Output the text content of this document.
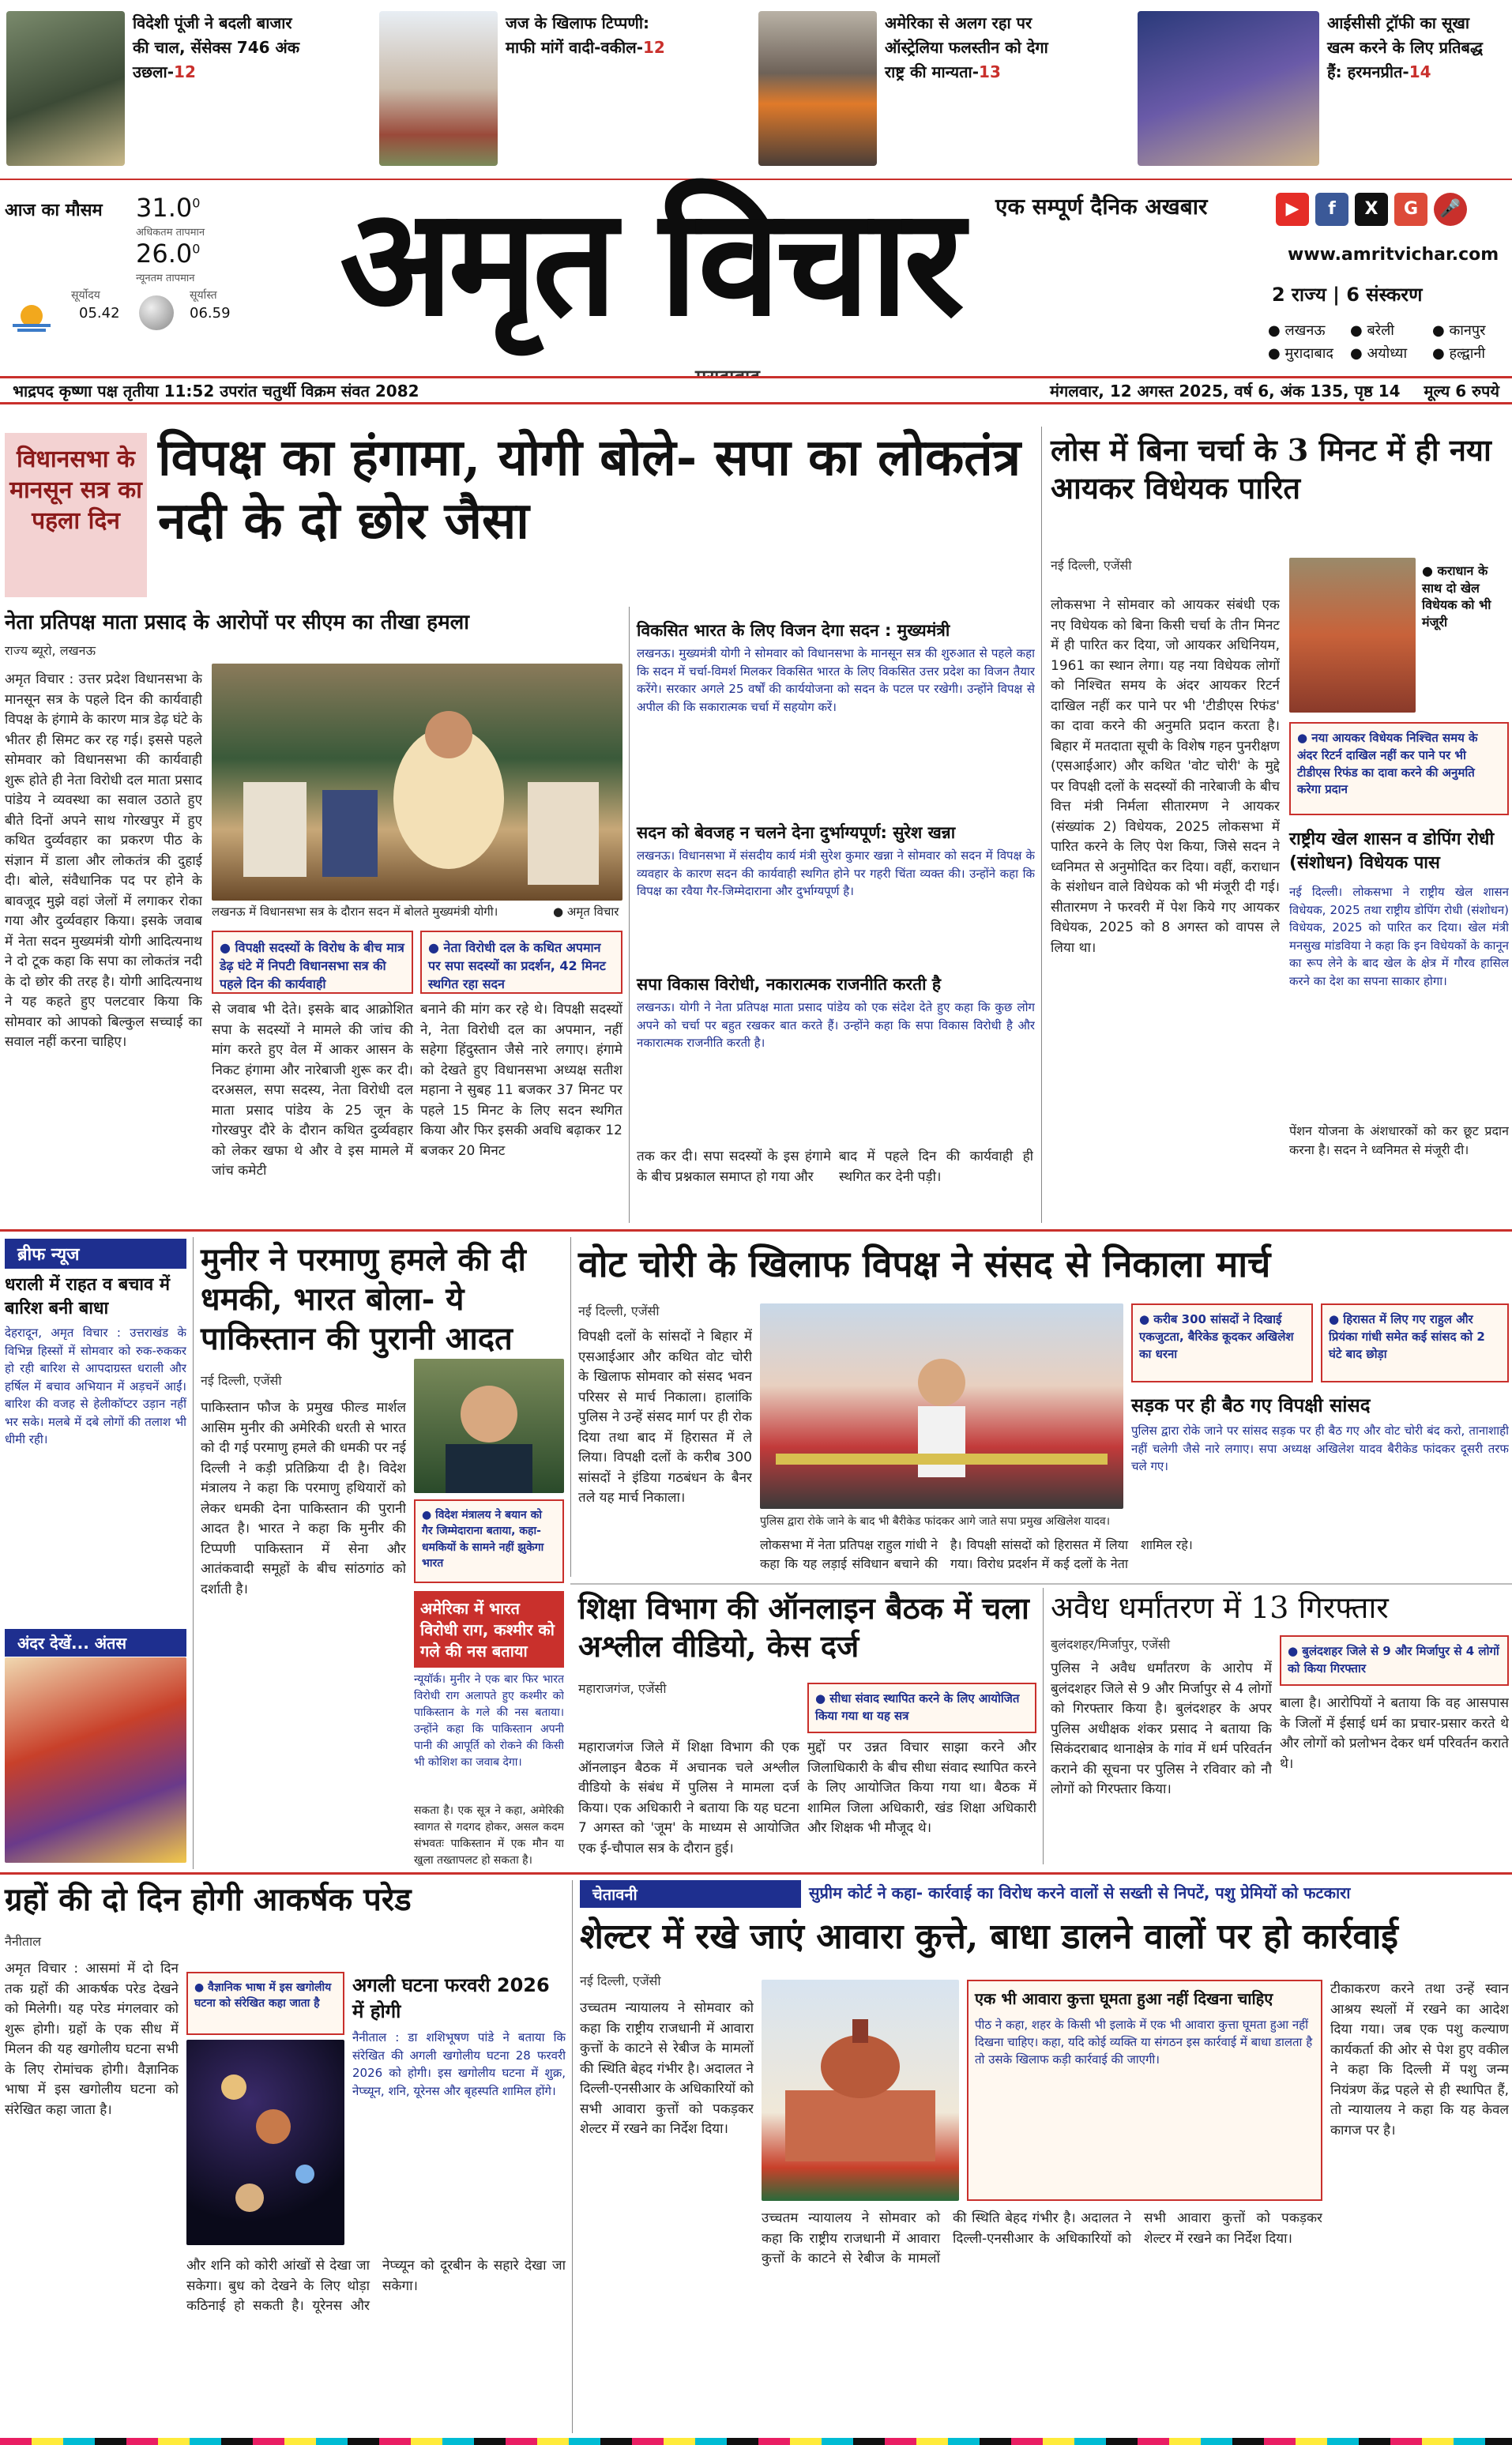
विदेशी पूंजी ने बदली बाजार की चाल, सेंसेक्स 746 अंक उछला-12
जज के खिलाफ टिप्पणी: माफी मांगें वादी-वकील-12
अमेरिका से अलग रहा पर ऑस्ट्रेलिया फलस्तीन को देगा राष्ट्र की मान्यता-13
आईसीसी ट्रॉफी का सूखा खत्म करने के लिए प्रतिबद्ध हैं: हरमनप्रीत-14
आज का मौसम 31.0$^0$
अधिकतम तापमान
26.0$^0$
न्यूनतम तापमान
सूर्योदय
05.42
सूर्यास्त
06.59 अमृत विचार एक सम्पूर्ण दैनिक अखबार	▶	f	X	G	🎤
www.amritvichar.com
2 राज्य | 6 संस्करण
● लखनऊ	● बरेली	● कानपुर
● मुरादाबाद	● अयोध्या	● हल्द्वानी
भाद्रपद कृष्णा पक्ष तृतीया 11:52 उपरांत चतुर्थी विक्रम संवत 2082	मंगलवार, 12 अगस्त 2025, वर्ष 6, अंक 135, पृष्ठ 14 मूल्य 6 रुपये
विधानसभा के मानसून सत्र का पहला दिन
विपक्ष का हंगामा, योगी बोले- सपा का लोकतंत्र नदी के दो छोर जैसा
नेता प्रतिपक्ष माता प्रसाद के आरोपों पर सीएम का तीखा हमला
राज्य ब्यूरो, लखनऊ
अमृत विचार : उत्तर प्रदेश विधानसभा के मानसून सत्र के पहले दिन की कार्यवाही विपक्ष के हंगामे के कारण मात्र डेढ़ घंटे के भीतर ही सिमट कर रह गई। इससे पहले सोमवार को विधानसभा की कार्यवाही शुरू होते ही नेता विरोधी दल माता प्रसाद पांडेय ने व्यवस्था का सवाल उठाते हुए बीते दिनों अपने साथ गोरखपुर में हुए कथित दुर्व्यवहार का प्रकरण पीठ के संज्ञान में डाला और लोकतंत्र की दुहाई दी। बोले, संवैधानिक पद पर होने के बावजूद मुझे वहां जेलों में लगाकर रोका गया और दुर्व्यवहार किया। इसके जवाब में नेता सदन मुख्यमंत्री योगी आदित्यनाथ ने दो टूक कहा कि सपा का लोकतंत्र नदी के दो छोर की तरह है। योगी आदित्यनाथ ने यह कहते हुए पलटवार किया कि सोमवार को आपको बिल्कुल सच्चाई का सवाल नहीं करना चाहिए।
लखनऊ में विधानसभा सत्र के दौरान सदन में बोलते मुख्यमंत्री योगी।	● अमृत विचार
● विपक्षी सदस्यों के विरोध के बीच मात्र डेढ़ घंटे में निपटी विधानसभा सत्र की पहले दिन की कार्यवाही
● नेता विरोधी दल के कथित अपमान पर सपा सदस्यों का प्रदर्शन, 42 मिनट स्थगित रहा सदन
से जवाब भी देते। इसके बाद आक्रोशित सपा के सदस्यों ने मामले की जांच की मांग करते हुए वेल में आकर आसन के निकट हंगामा और नारेबाजी शुरू कर दी। दरअसल, सपा सदस्य, नेता विरोधी दल माता प्रसाद पांडेय के 25 जून के गोरखपुर दौरे के दौरान कथित दुर्व्यवहार को लेकर खफा थे और वे इस मामले में जांच कमेटी
बनाने की मांग कर रहे थे। विपक्षी सदस्यों ने, नेता विरोधी दल का अपमान, नहीं सहेगा हिंदुस्तान जैसे नारे लगाए। हंगामे को देखते हुए विधानसभा अध्यक्ष सतीश महाना ने सुबह 11 बजकर 37 मिनट पर पहले 15 मिनट के लिए सदन स्थगित किया और फिर इसकी अवधि बढ़ाकर 12 बजकर 20 मिनट
विकसित भारत के लिए विजन देगा सदन : मुख्यमंत्री
लखनऊ। मुख्यमंत्री योगी ने सोमवार को विधानसभा के मानसून सत्र की शुरुआत से पहले कहा कि सदन में चर्चा-विमर्श मिलकर विकसित भारत के लिए विकसित उत्तर प्रदेश का विजन तैयार करेंगे। सरकार अगले 25 वर्षों की कार्ययोजना को सदन के पटल पर रखेगी। उन्होंने विपक्ष से अपील की कि सकारात्मक चर्चा में सहयोग करें।
सदन को बेवजह न चलने देना दुर्भाग्यपूर्ण: सुरेश खन्ना
लखनऊ। विधानसभा में संसदीय कार्य मंत्री सुरेश कुमार खन्ना ने सोमवार को सदन में विपक्ष के व्यवहार के कारण सदन की कार्यवाही स्थगित होने पर गहरी चिंता व्यक्त की। उन्होंने कहा कि विपक्ष का रवैया गैर-जिम्मेदाराना और दुर्भाग्यपूर्ण है।
सपा विकास विरोधी, नकारात्मक राजनीति करती है
लखनऊ। योगी ने नेता प्रतिपक्ष माता प्रसाद पांडेय को एक संदेश देते हुए कहा कि कुछ लोग अपने को चर्चा पर बहुत रखकर बात करते हैं। उन्होंने कहा कि सपा विकास विरोधी है और नकारात्मक राजनीति करती है।
तक कर दी। सपा सदस्यों के इस हंगामे के बीच प्रश्नकाल समाप्त हो गया और
बाद में पहले दिन की कार्यवाही ही स्थगित कर देनी पड़ी।
लोस में बिना चर्चा के 3 मिनट में ही नया आयकर विधेयक पारित
नई दिल्ली, एजेंसी
लोकसभा ने सोमवार को आयकर संबंधी एक नए विधेयक को बिना किसी चर्चा के तीन मिनट में ही पारित कर दिया, जो आयकर अधिनियम, 1961 का स्थान लेगा। यह नया विधेयक लोगों को निश्चित समय के अंदर आयकर रिटर्न दाखिल नहीं कर पाने पर भी 'टीडीएस रिफंड' का दावा करने की अनुमति प्रदान करता है। बिहार में मतदाता सूची के विशेष गहन पुनरीक्षण (एसआईआर) और कथित 'वोट चोरी' के मुद्दे पर विपक्षी दलों के सदस्यों की नारेबाजी के बीच वित्त मंत्री निर्मला सीतारमण ने आयकर (संख्यांक 2) विधेयक, 2025 लोकसभा में पारित करने के लिए पेश किया, जिसे सदन ने ध्वनिमत से अनुमोदित कर दिया। वहीं, कराधान के संशोधन वाले विधेयक को भी मंजूरी दी गई। सीतारमण ने फरवरी में पेश किये गए आयकर विधेयक, 2025 को 8 अगस्त को वापस ले लिया था।
● कराधान के साथ दो खेल विधेयक को भी मंजूरी
● नया आयकर विधेयक निश्चित समय के अंदर रिटर्न दाखिल नहीं कर पाने पर भी टीडीएस रिफंड का दावा करने की अनुमति करेगा प्रदान
राष्ट्रीय खेल शासन व डोपिंग रोधी (संशोधन) विधेयक पास
नई दिल्ली। लोकसभा ने राष्ट्रीय खेल शासन विधेयक, 2025 तथा राष्ट्रीय डोपिंग रोधी (संशोधन) विधेयक, 2025 को पारित कर दिया। खेल मंत्री मनसुख मांडविया ने कहा कि इन विधेयकों के कानून का रूप लेने के बाद खेल के क्षेत्र में गौरव हासिल करने का देश का सपना साकार होगा।
पेंशन योजना के अंशधारकों को कर छूट प्रदान करना है। सदन ने ध्वनिमत से मंजूरी दी।
ब्रीफ न्यूज
धराली में राहत व बचाव में बारिश बनी बाधा
देहरादून, अमृत विचार : उत्तराखंड के विभिन्न हिस्सों में सोमवार को रुक-रुककर हो रही बारिश से आपदाग्रस्त धराली और हर्षिल में बचाव अभियान में अड़चनें आईं। बारिश की वजह से हेलीकॉप्टर उड़ान नहीं भर सके। मलबे में दबे लोगों की तलाश भी धीमी रही।
अंदर देखें... अंतस
मुनीर ने परमाणु हमले की दी धमकी, भारत बोला- ये पाकिस्तान की पुरानी आदत
नई दिल्ली, एजेंसी
पाकिस्तान फौज के प्रमुख फील्ड मार्शल आसिम मुनीर की अमेरिकी धरती से भारत को दी गई परमाणु हमले की धमकी पर नई दिल्ली ने कड़ी प्रतिक्रिया दी है। विदेश मंत्रालय ने कहा कि परमाणु हथियारों को लेकर धमकी देना पाकिस्तान की पुरानी आदत है। भारत ने कहा कि मुनीर की टिप्पणी पाकिस्तान में सेना और आतंकवादी समूहों के बीच सांठगांठ को दर्शाती है।
● विदेश मंत्रालय ने बयान को गैर जिम्मेदाराना बताया, कहा- धमकियों के सामने नहीं झुकेगा भारत
अमेरिका में भारत विरोधी राग, कश्मीर को गले की नस बताया
न्यूयॉर्क। मुनीर ने एक बार फिर भारत विरोधी राग अलापते हुए कश्मीर को पाकिस्तान के गले की नस बताया। उन्होंने कहा कि पाकिस्तान अपनी पानी की आपूर्ति को रोकने की किसी भी कोशिश का जवाब देगा।
सकता है। एक सूत्र ने कहा, अमेरिकी स्वागत से गदगद होकर, असल कदम संभवतः पाकिस्तान में एक मौन या खुला तख्तापलट हो सकता है।
वोट चोरी के खिलाफ विपक्ष ने संसद से निकाला मार्च
नई दिल्ली, एजेंसी
विपक्षी दलों के सांसदों ने बिहार में एसआईआर और कथित वोट चोरी के खिलाफ सोमवार को संसद भवन परिसर से मार्च निकाला। हालांकि पुलिस ने उन्हें संसद मार्ग पर ही रोक दिया तथा बाद में हिरासत में ले लिया। विपक्षी दलों के करीब 300 सांसदों ने इंडिया गठबंधन के बैनर तले यह मार्च निकाला।
पुलिस द्वारा रोके जाने के बाद भी बैरीकेड फांदकर आगे जाते सपा प्रमुख अखिलेश यादव।
● करीब 300 सांसदों ने दिखाई एकजुटता, बैरिकेड कूदकर अखिलेश का धरना
● हिरासत में लिए गए राहुल और प्रियंका गांधी समेत कई सांसद को 2 घंटे बाद छोड़ा
सड़क पर ही बैठ गए विपक्षी सांसद
पुलिस द्वारा रोके जाने पर सांसद सड़क पर ही बैठ गए और वोट चोरी बंद करो, तानाशाही नहीं चलेगी जैसे नारे लगाए। सपा अध्यक्ष अखिलेश यादव बैरीकेड फांदकर दूसरी तरफ चले गए।
लोकसभा में नेता प्रतिपक्ष राहुल गांधी ने कहा कि यह लड़ाई संविधान बचाने की है। विपक्षी सांसदों को हिरासत में लिया गया। विरोध प्रदर्शन में कई दलों के नेता शामिल रहे।
शिक्षा विभाग की ऑनलाइन बैठक में चला अश्लील वीडियो, केस दर्ज
महाराजगंज, एजेंसी
● सीधा संवाद स्थापित करने के लिए आयोजित किया गया था यह सत्र
महाराजगंज जिले में शिक्षा विभाग की एक ऑनलाइन बैठक में अचानक चले अश्लील वीडियो के संबंध में पुलिस ने मामला दर्ज किया। एक अधिकारी ने बताया कि यह घटना 7 अगस्त को 'जूम' के माध्यम से आयोजित एक ई-चौपाल सत्र के दौरान हुई।
मुद्दों पर उन्नत विचार साझा करने और जिलाधिकारी के बीच सीधा संवाद स्थापित करने के लिए आयोजित किया गया था। बैठक में शामिल जिला अधिकारी, खंड शिक्षा अधिकारी और शिक्षक भी मौजूद थे।
अवैध धर्मांतरण में 13 गिरफ्तार
बुलंदशहर/मिर्जापुर, एजेंसी	● बुलंदशहर जिले से 9 और मिर्जापुर से 4 लोगों को किया गिरफ्तार
पुलिस ने अवैध धर्मांतरण के आरोप में बुलंदशहर जिले से 9 और मिर्जापुर से 4 लोगों को गिरफ्तार किया है। बुलंदशहर के अपर पुलिस अधीक्षक शंकर प्रसाद ने बताया कि सिकंदराबाद थानाक्षेत्र के गांव में धर्म परिवर्तन कराने की सूचना पर पुलिस ने रविवार को नौ लोगों को गिरफ्तार किया।
बाला है। आरोपियों ने बताया कि वह आसपास के जिलों में ईसाई धर्म का प्रचार-प्रसार करते थे और लोगों को प्रलोभन देकर धर्म परिवर्तन कराते थे।
ग्रहों की दो दिन होगी आकर्षक परेड
नैनीताल
अमृत विचार : आसमां में दो दिन तक ग्रहों की आकर्षक परेड देखने को मिलेगी। यह परेड मंगलवार को शुरू होगी। ग्रहों के एक सीध में मिलन की यह खगोलीय घटना सभी के लिए रोमांचक होगी। वैज्ञानिक भाषा में इस खगोलीय घटना को संरेखित कहा जाता है।
● वैज्ञानिक भाषा में इस खगोलीय घटना को संरेखित कहा जाता है
अगली घटना फरवरी 2026 में होगी
नैनीताल : डा शशिभूषण पांडे ने बताया कि संरेखित की अगली खगोलीय घटना 28 फरवरी 2026 को होगी। इस खगोलीय घटना में शुक्र, नेप्च्यून, शनि, यूरेनस और बृहस्पति शामिल होंगे।
और शनि को कोरी आंखों से देखा जा सकेगा। बुध को देखने के लिए थोड़ा कठिनाई हो सकती है। यूरेनस और नेप्च्यून को दूरबीन के सहारे देखा जा सकेगा।
चेतावनी	सुप्रीम कोर्ट ने कहा- कार्रवाई का विरोध करने वालों से सख्ती से निपटें, पशु प्रेमियों को फटकारा
शेल्टर में रखे जाएं आवारा कुत्ते, बाधा डालने वालों पर हो कार्रवाई
नई दिल्ली, एजेंसी
उच्चतम न्यायालय ने सोमवार को कहा कि राष्ट्रीय राजधानी में आवारा कुत्तों के काटने से रेबीज के मामलों की स्थिति बेहद गंभीर है। अदालत ने दिल्ली-एनसीआर के अधिकारियों को सभी आवारा कुत्तों को पकड़कर शेल्टर में रखने का निर्देश दिया।
एक भी आवारा कुत्ता घूमता हुआ नहीं दिखना चाहिए
पीठ ने कहा, शहर के किसी भी इलाके में एक भी आवारा कुत्ता घूमता हुआ नहीं दिखना चाहिए। कहा, यदि कोई व्यक्ति या संगठन इस कार्रवाई में बाधा डालता है तो उसके खिलाफ कड़ी कार्रवाई की जाएगी।
टीकाकरण करने तथा उन्हें स्वान आश्रय स्थलों में रखने का आदेश दिया गया। जब एक पशु कल्याण कार्यकर्ता की ओर से पेश हुए वकील ने कहा कि दिल्ली में पशु जन्म नियंत्रण केंद्र पहले से ही स्थापित हैं, तो न्यायालय ने कहा कि यह केवल कागज पर है।
उच्चतम न्यायालय ने सोमवार को कहा कि राष्ट्रीय राजधानी में आवारा कुत्तों के काटने से रेबीज के मामलों की स्थिति बेहद गंभीर है। अदालत ने दिल्ली-एनसीआर के अधिकारियों को सभी आवारा कुत्तों को पकड़कर शेल्टर में रखने का निर्देश दिया।
